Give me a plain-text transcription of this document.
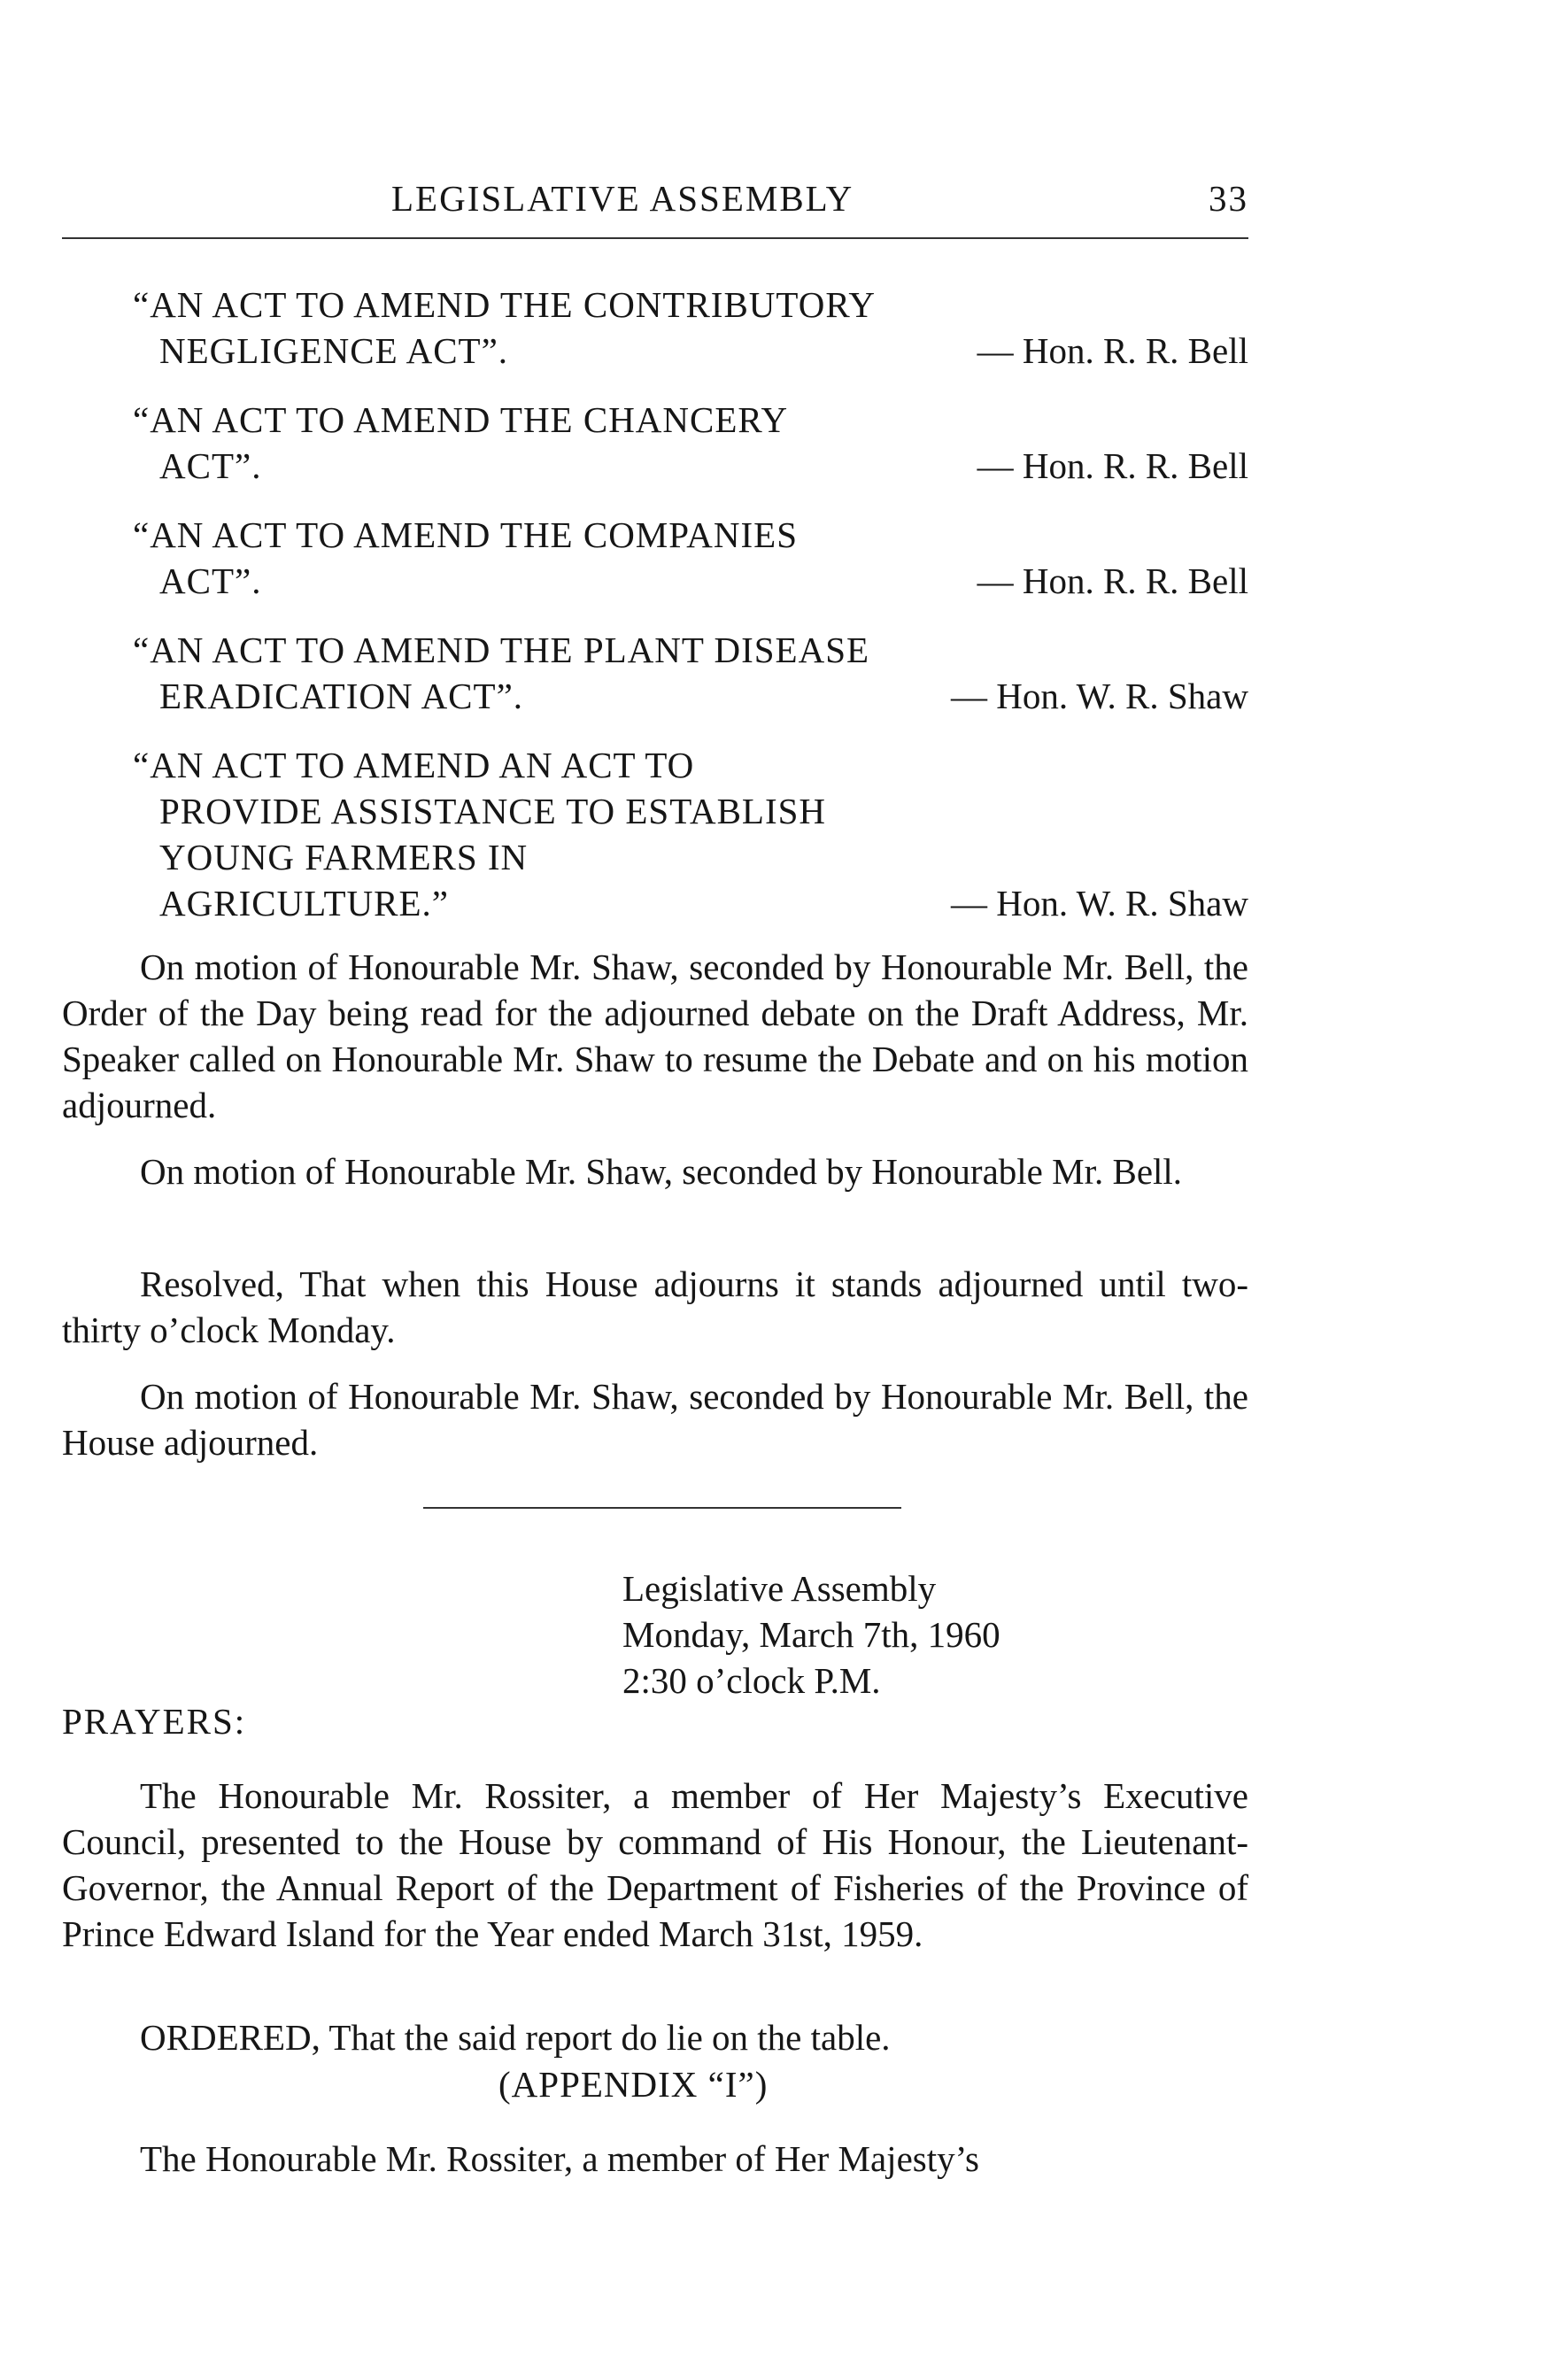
LEGISLATIVE ASSEMBLY	33
“AN ACT TO AMEND THE CONTRIBUTORY
NEGLIGENCE ACT”.	— Hon. R. R. Bell
“AN ACT TO AMEND THE CHANCERY
ACT”.	— Hon. R. R. Bell
“AN ACT TO AMEND THE COMPANIES
ACT”.	— Hon. R. R. Bell
“AN ACT TO AMEND THE PLANT DISEASE
ERADICATION ACT”.	— Hon. W. R. Shaw
“AN ACT TO AMEND AN ACT TO
PROVIDE ASSISTANCE TO ESTABLISH
YOUNG FARMERS IN
AGRICULTURE.”	— Hon. W. R. Shaw
On motion of Honourable Mr. Shaw, seconded by Honourable Mr. Bell, the Order of the Day being read for the adjourned debate on the Draft Address, Mr. Speaker called on Honourable Mr. Shaw to resume the Debate and on his motion adjourned.
On motion of Honourable Mr. Shaw, seconded by Honourable Mr. Bell.
Resolved, That when this House adjourns it stands adjourned until two-thirty o’clock Monday.
On motion of Honourable Mr. Shaw, seconded by Honourable Mr. Bell, the House adjourned.
Legislative Assembly
Monday, March 7th, 1960
2:30 o’clock P.M.
PRAYERS:
The Honourable Mr. Rossiter, a member of Her Majesty’s Executive Council, presented to the House by command of His Honour, the Lieutenant-Governor, the Annual Report of the Department of Fisheries of the Province of Prince Edward Island for the Year ended March 31st, 1959.
ORDERED, That the said report do lie on the table.
(APPENDIX “I”)
The Honourable Mr. Rossiter, a member of Her Majesty’s
